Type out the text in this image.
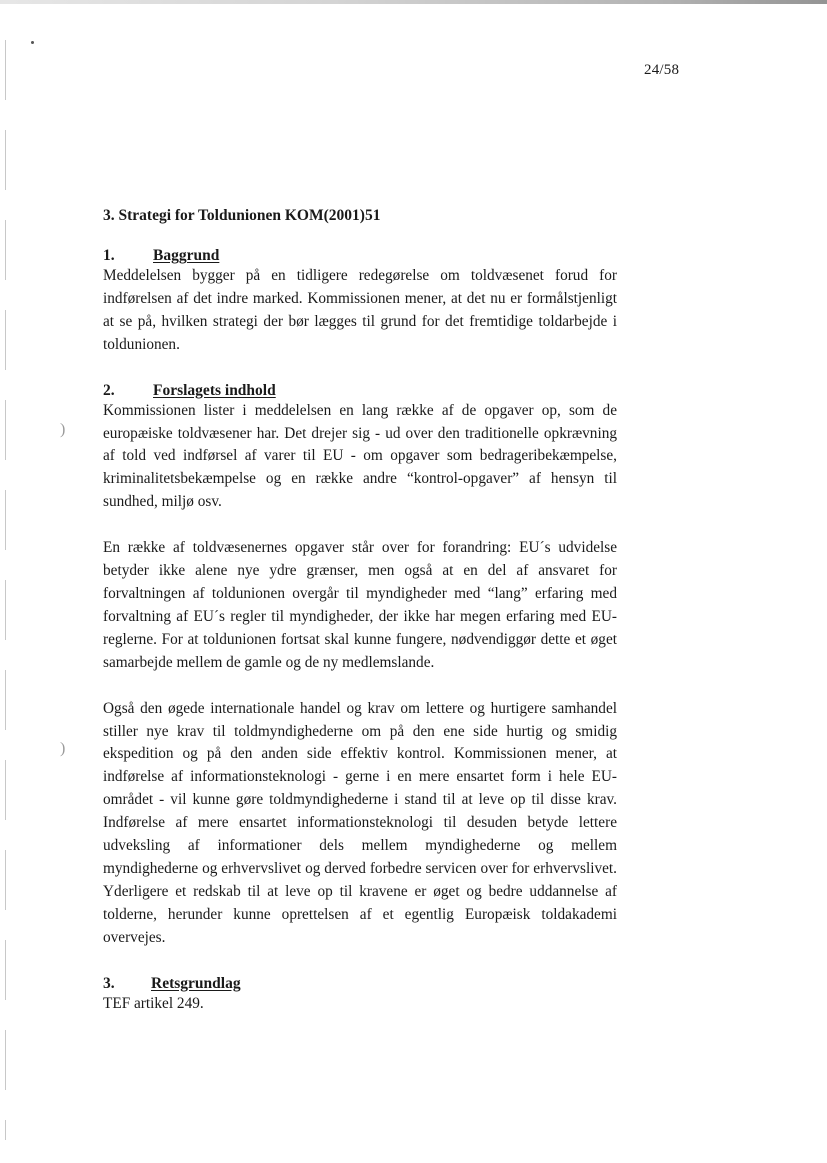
)
)
24/58
3. Strategi for Toldunionen KOM(2001)51
1.	Baggrund

Meddelelsen bygger på en tidligere redegørelse om toldvæsenet forud for indførelsen af det indre marked. Kommissionen mener, at det nu er formålstjenligt at se på, hvilken strategi der bør lægges til grund for det fremtidige toldarbejde i toldunionen.

2.	Forslagets indhold

Kommissionen lister i meddelelsen en lang række af de opgaver op, som de europæiske toldvæsener har. Det drejer sig - ud over den traditionelle opkrævning af told ved indførsel af varer til EU - om opgaver som bedrageribekæmpelse, kriminalitetsbekæmpelse og en række andre “kontrol-opgaver” af hensyn til sundhed, miljø osv.

En række af toldvæsenernes opgaver står over for forandring: EU´s udvidelse betyder ikke alene nye ydre grænser, men også at en del af ansvaret for forvaltningen af toldunionen overgår til myndigheder med “lang” erfaring med forvaltning af EU´s regler til myndigheder, der ikke har megen erfaring med EU-reglerne. For at toldunionen fortsat skal kunne fungere, nødvendiggør dette et øget samarbejde mellem de gamle og de ny medlemslande.

Også den øgede internationale handel og krav om lettere og hurtigere samhandel stiller nye krav til toldmyndighederne om på den ene side hurtig og smidig ekspedition og på den anden side effektiv kontrol. Kommissionen mener, at indførelse af informationsteknologi - gerne i en mere ensartet form i hele EU-området - vil kunne gøre toldmyndighederne i stand til at leve op til disse krav. Indførelse af mere ensartet informationsteknologi til desuden betyde lettere udveksling af informationer dels mellem myndighederne og mellem myndighederne og erhvervslivet og derved forbedre servicen over for erhvervslivet. Yderligere et redskab til at leve op til kravene er øget og bedre uddannelse af tolderne, herunder kunne oprettelsen af et egentlig Europæisk toldakademi overvejes.

3.	Retsgrundlag

TEF artikel 249.
